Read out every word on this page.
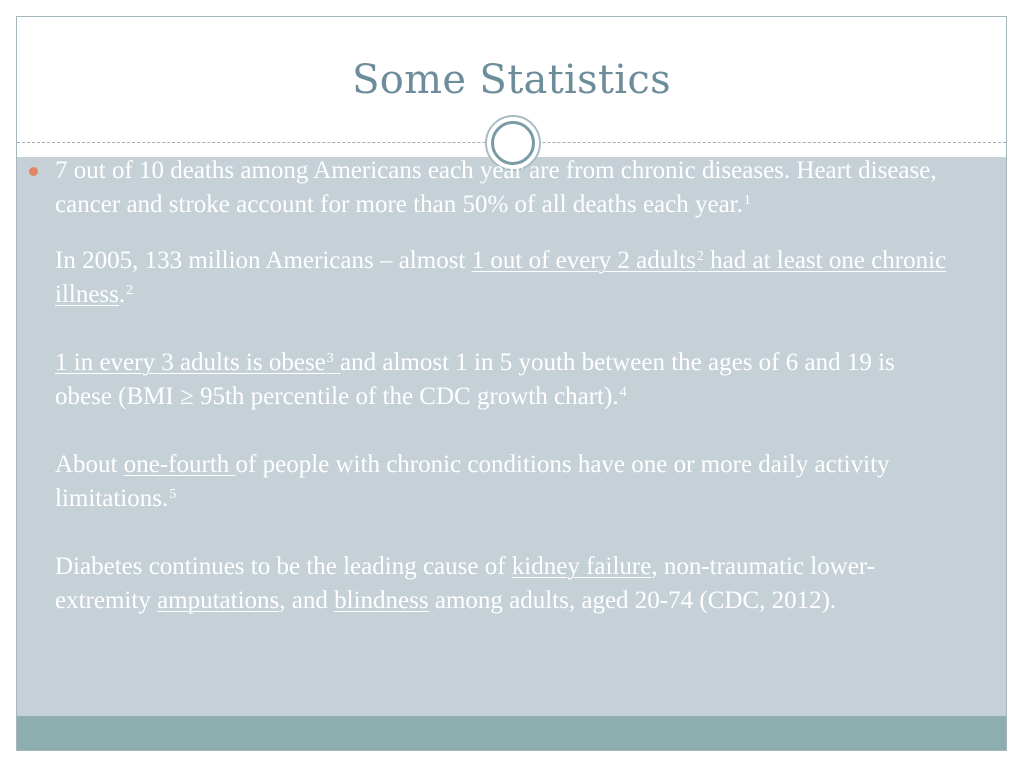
Some Statistics
7 out of 10 deaths among Americans each year are from chronic diseases. Heart disease, cancer and stroke account for more than 50% of all deaths each year.$^1$
In 2005, 133 million Americans – almost 1 out of every 2 adults$^2$ had at least one chronic illness.$^2$
1 in every 3 adults is obese$^3$ and almost 1 in 5 youth between the ages of 6 and 19 is obese (BMI ≥ 95th percentile of the CDC growth chart).$^4$
About one-fourth of people with chronic conditions have one or more daily activity limitations.$^5$
Diabetes continues to be the leading cause of kidney failure, non-traumatic lower-extremity amputations, and blindness among adults, aged 20-74 (CDC, 2012).
